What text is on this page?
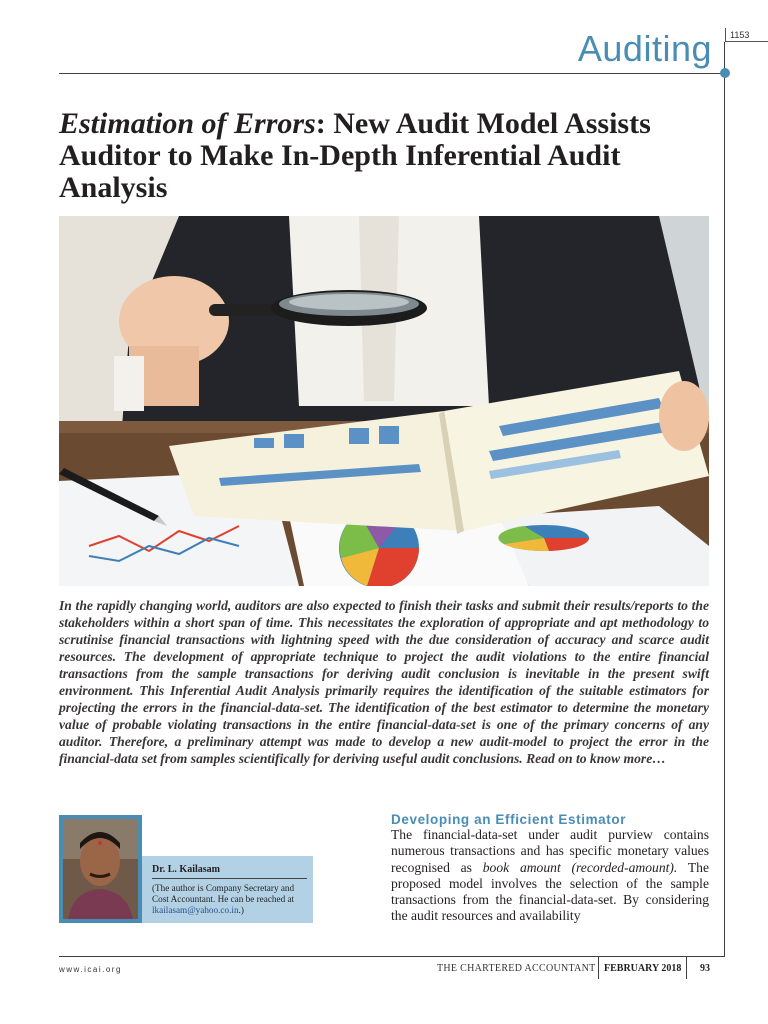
1153
Auditing
Estimation of Errors: New Audit Model Assists Auditor to Make In-Depth Inferential Audit Analysis

In the rapidly changing world, auditors are also expected to finish their tasks and submit their results/reports to the stakeholders within a short span of time. This necessitates the exploration of appropriate and apt methodology to scrutinise financial transactions with lightning speed with the due consideration of accuracy and scarce audit resources. The development of appropriate technique to project the audit violations to the entire financial transactions from the sample transactions for deriving audit conclusion is inevitable in the present swift environment. This Inferential Audit Analysis primarily requires the identification of the suitable estimators for projecting the errors in the financial-data-set. The identification of the best estimator to determine the monetary value of probable violating transactions in the entire financial-data-set is one of the primary concerns of any auditor. Therefore, a preliminary attempt was made to develop a new audit-model to project the error in the financial-data set from samples scientifically for deriving useful audit conclusions. Read on to know more…

Dr. L. Kailasam
(The author is Company Secretary and Cost Accountant. He can be reached at lkailasam@yahoo.co.in.)
Developing an Efficient Estimator

The financial-data-set under audit purview contains numerous transactions and has specific monetary values recognised as book amount (recorded-amount). The proposed model involves the selection of the sample transactions from the financial-data-set. By considering the audit resources and availability

www.icai.org	THE CHARTERED ACCOUNTANT FEBRUARY 2018 93
